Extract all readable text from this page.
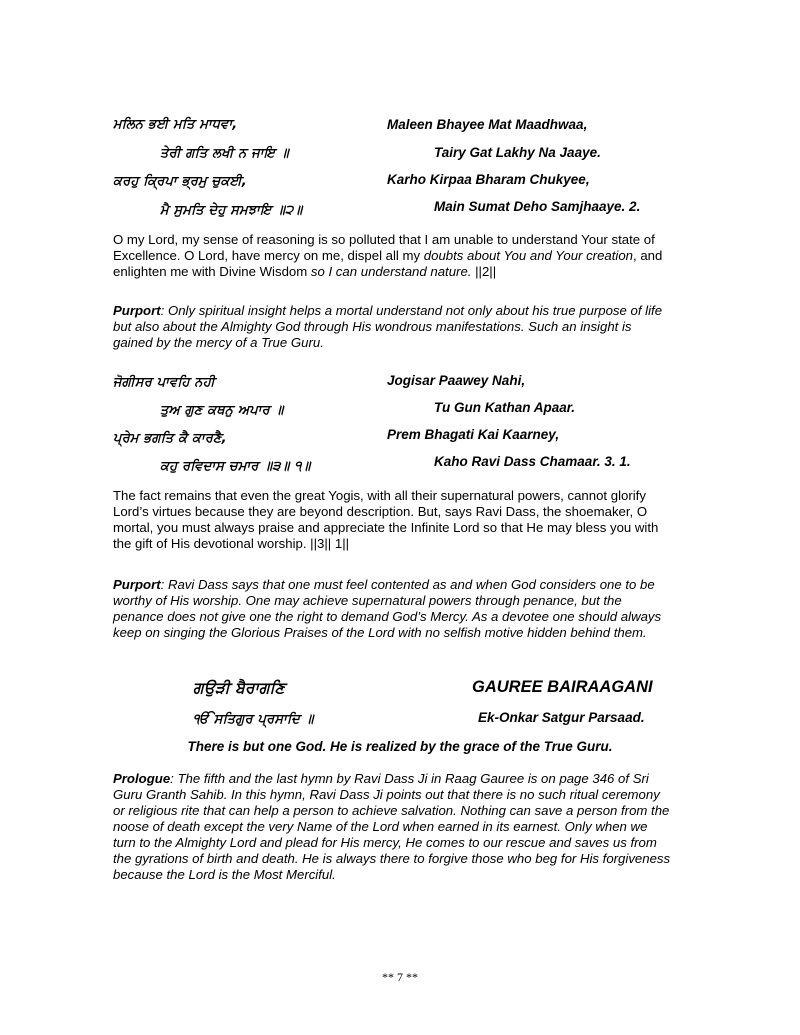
ਮਲਿਨ ਭਈ ਮਤਿ ਮਾਧਵਾ,	Maleen Bhayee Mat Maadhwaa,
ਤੇਰੀ ਗਤਿ ਲਖੀ ਨ ਜਾਇ ॥	Tairy Gat Lakhy Na Jaaye.
ਕਰਹੁ ਕ੍ਰਿਪਾ ਭ੍ਰਮੁ ਚੁਕਈ,	Karho Kirpaa Bharam Chukyee,
ਮੈ ਸੁਮਤਿ ਦੇਹੁ ਸਮਝਾਇ ॥੨॥	Main Sumat Deho Samjhaaye. 2.
O my Lord, my sense of reasoning is so polluted that I am unable to understand Your state of Excellence. O Lord, have mercy on me, dispel all my doubts about You and Your creation, and enlighten me with Divine Wisdom so I can understand nature. ||2||
Purport: Only spiritual insight helps a mortal understand not only about his true purpose of life but also about the Almighty God through His wondrous manifestations. Such an insight is gained by the mercy of a True Guru.
ਜੋਗੀਸਰ ਪਾਵਹਿ ਨਹੀ	Jogisar Paawey Nahi,
ਤੁਅ ਗੁਣ ਕਥਨੁ ਅਪਾਰ ॥	Tu Gun Kathan Apaar.
ਪ੍ਰੇਮ ਭਗਤਿ ਕੈ ਕਾਰਣੈ,	Prem Bhagati Kai Kaarney,
ਕਹੁ ਰਵਿਦਾਸ ਚਮਾਰ ॥੩॥ ੧॥	Kaho Ravi Dass Chamaar. 3. 1.
The fact remains that even the great Yogis, with all their supernatural powers, cannot glorify Lord’s virtues because they are beyond description. But, says Ravi Dass, the shoemaker, O mortal, you must always praise and appreciate the Infinite Lord so that He may bless you with the gift of His devotional worship. ||3|| 1||
Purport: Ravi Dass says that one must feel contented as and when God considers one to be worthy of His worship. One may achieve supernatural powers through penance, but the penance does not give one the right to demand God’s Mercy. As a devotee one should always keep on singing the Glorious Praises of the Lord with no selfish motive hidden behind them.
ਗਉੜੀ ਬੈਰਾਗਣਿ	GAUREE BAIRAAGANI
ੴ ਸਤਿਗੁਰ ਪ੍ਰਸਾਦਿ ॥	Ek-Onkar Satgur Parsaad.
There is but one God. He is realized by the grace of the True Guru.
Prologue: The fifth and the last hymn by Ravi Dass Ji in Raag Gauree is on page 346 of Sri Guru Granth Sahib. In this hymn, Ravi Dass Ji points out that there is no such ritual ceremony or religious rite that can help a person to achieve salvation. Nothing can save a person from the noose of death except the very Name of the Lord when earned in its earnest. Only when we turn to the Almighty Lord and plead for His mercy, He comes to our rescue and saves us from the gyrations of birth and death. He is always there to forgive those who beg for His forgiveness because the Lord is the Most Merciful.
** 7 **
